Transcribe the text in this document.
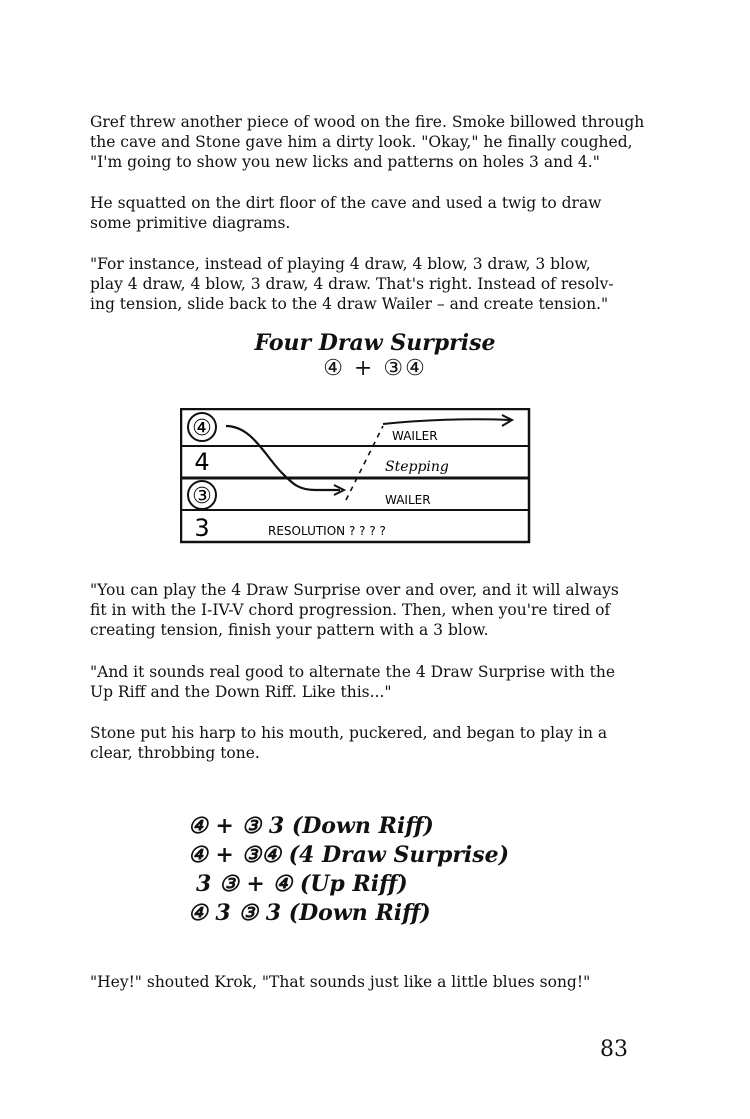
Gref threw another piece of wood on the fire. Smoke billowed through
the cave and Stone gave him a dirty look. "Okay," he finally coughed,
"I'm going to show you new licks and patterns on holes 3 and 4."
He squatted on the dirt floor of the cave and used a twig to draw
some primitive diagrams.
"For instance, instead of playing 4 draw, 4 blow, 3 draw, 3 blow,
play 4 draw, 4 blow, 3 draw, 4 draw. That's right. Instead of resolv-
ing tension, slide back to the 4 draw Wailer – and create tension."
Four Draw Surprise
④ + ③④
④
4
③
3
WAILER
Stepping
WAILER
RESOLUTION ? ? ? ?
"You can play the 4 Draw Surprise over and over, and it will always
fit in with the I-IV-V chord progression. Then, when you're tired of
creating tension, finish your pattern with a 3 blow.
"And it sounds real good to alternate the 4 Draw Surprise with the
Up Riff and the Down Riff. Like this..."
Stone put his harp to his mouth, puckered, and began to play in a
clear, throbbing tone.
④ + ③ 3 (Down Riff)
④ + ③④ (4 Draw Surprise)
3 ③ + ④ (Up Riff)
④ 3 ③ 3 (Down Riff)
"Hey!" shouted Krok, "That sounds just like a little blues song!"
83
